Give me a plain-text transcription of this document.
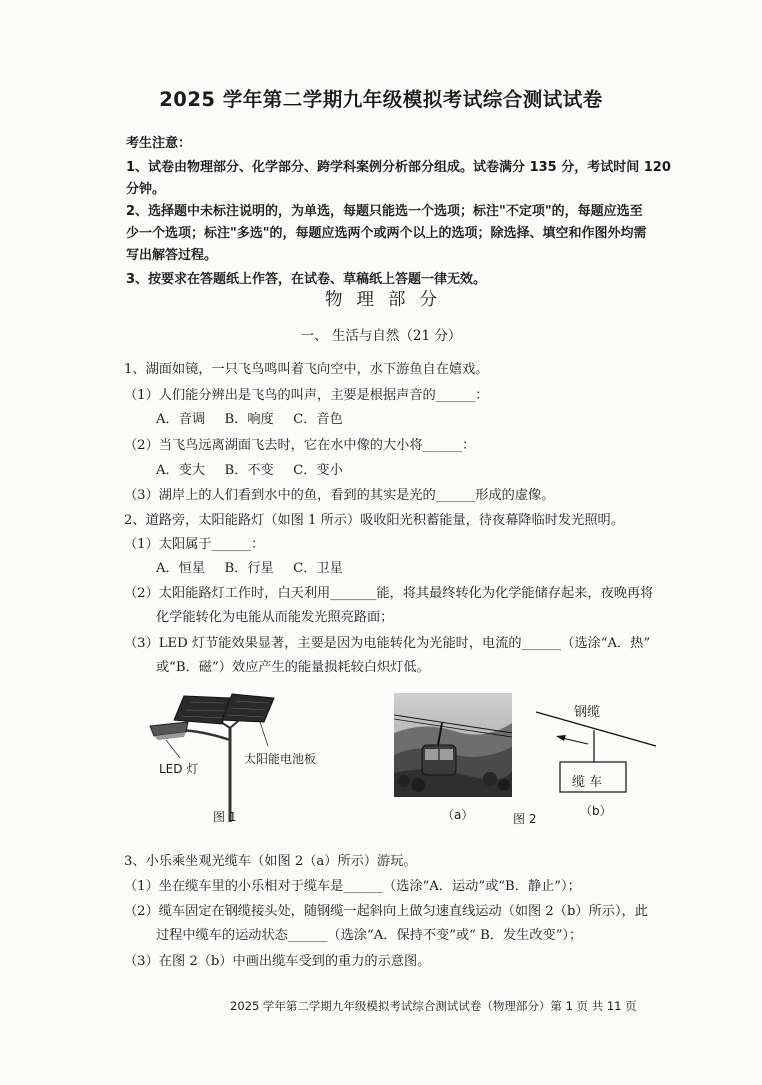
2025 学年第二学期九年级模拟考试综合测试试卷
考生注意：
1、试卷由物理部分、化学部分、跨学科案例分析部分组成。试卷满分 135 分，考试时间 120
分钟。
2、选择题中未标注说明的，为单选，每题只能选一个选项；标注"不定项"的，每题应选至
少一个选项；标注"多选"的，每题应选两个或两个以上的选项；除选择、填空和作图外均需
写出解答过程。
3、按要求在答题纸上作答，在试卷、草稿纸上答题一律无效。
物理部分
一、 生活与自然（21 分）
1、湖面如镜，一只飞鸟鸣叫着飞向空中，水下游鱼自在嬉戏。
（1）人们能分辨出是飞鸟的叫声，主要是根据声音的______：
A．音调　 B．响度　 C．音色
（2）当飞鸟远离湖面飞去时，它在水中像的大小将______：
A．变大　 B．不变　 C．变小
（3）湖岸上的人们看到水中的鱼，看到的其实是光的______形成的虚像。
2、道路旁，太阳能路灯（如图 1 所示）吸收阳光积蓄能量，待夜幕降临时发光照明。
（1）太阳属于______：
A．恒星　 B．行星　 C．卫星
（2）太阳能路灯工作时，白天利用_______能，将其最终转化为化学能储存起来，夜晚再将
化学能转化为电能从而能发光照亮路面；
（3）LED 灯节能效果显著，主要是因为电能转化为光能时，电流的______（选涂“A．热”
或“B．磁”）效应产生的能量损耗较白炽灯低。
LED 灯
太阳能电池板
图 1	（a）	图 2
钢缆
缆 车
（b）
3、小乐乘坐观光缆车（如图 2（a）所示）游玩。
（1）坐在缆车里的小乐相对于缆车是______（选涂“A．运动”或“B．静止”）；
（2）缆车固定在钢缆接头处，随钢缆一起斜向上做匀速直线运动（如图 2（b）所示），此
过程中缆车的运动状态______（选涂“A．保持不变”或“ B．发生改变”）；
（3）在图 2（b）中画出缆车受到的重力的示意图。
2025 学年第二学期九年级模拟考试综合测试试卷（物理部分）第 1 页 共 11 页
